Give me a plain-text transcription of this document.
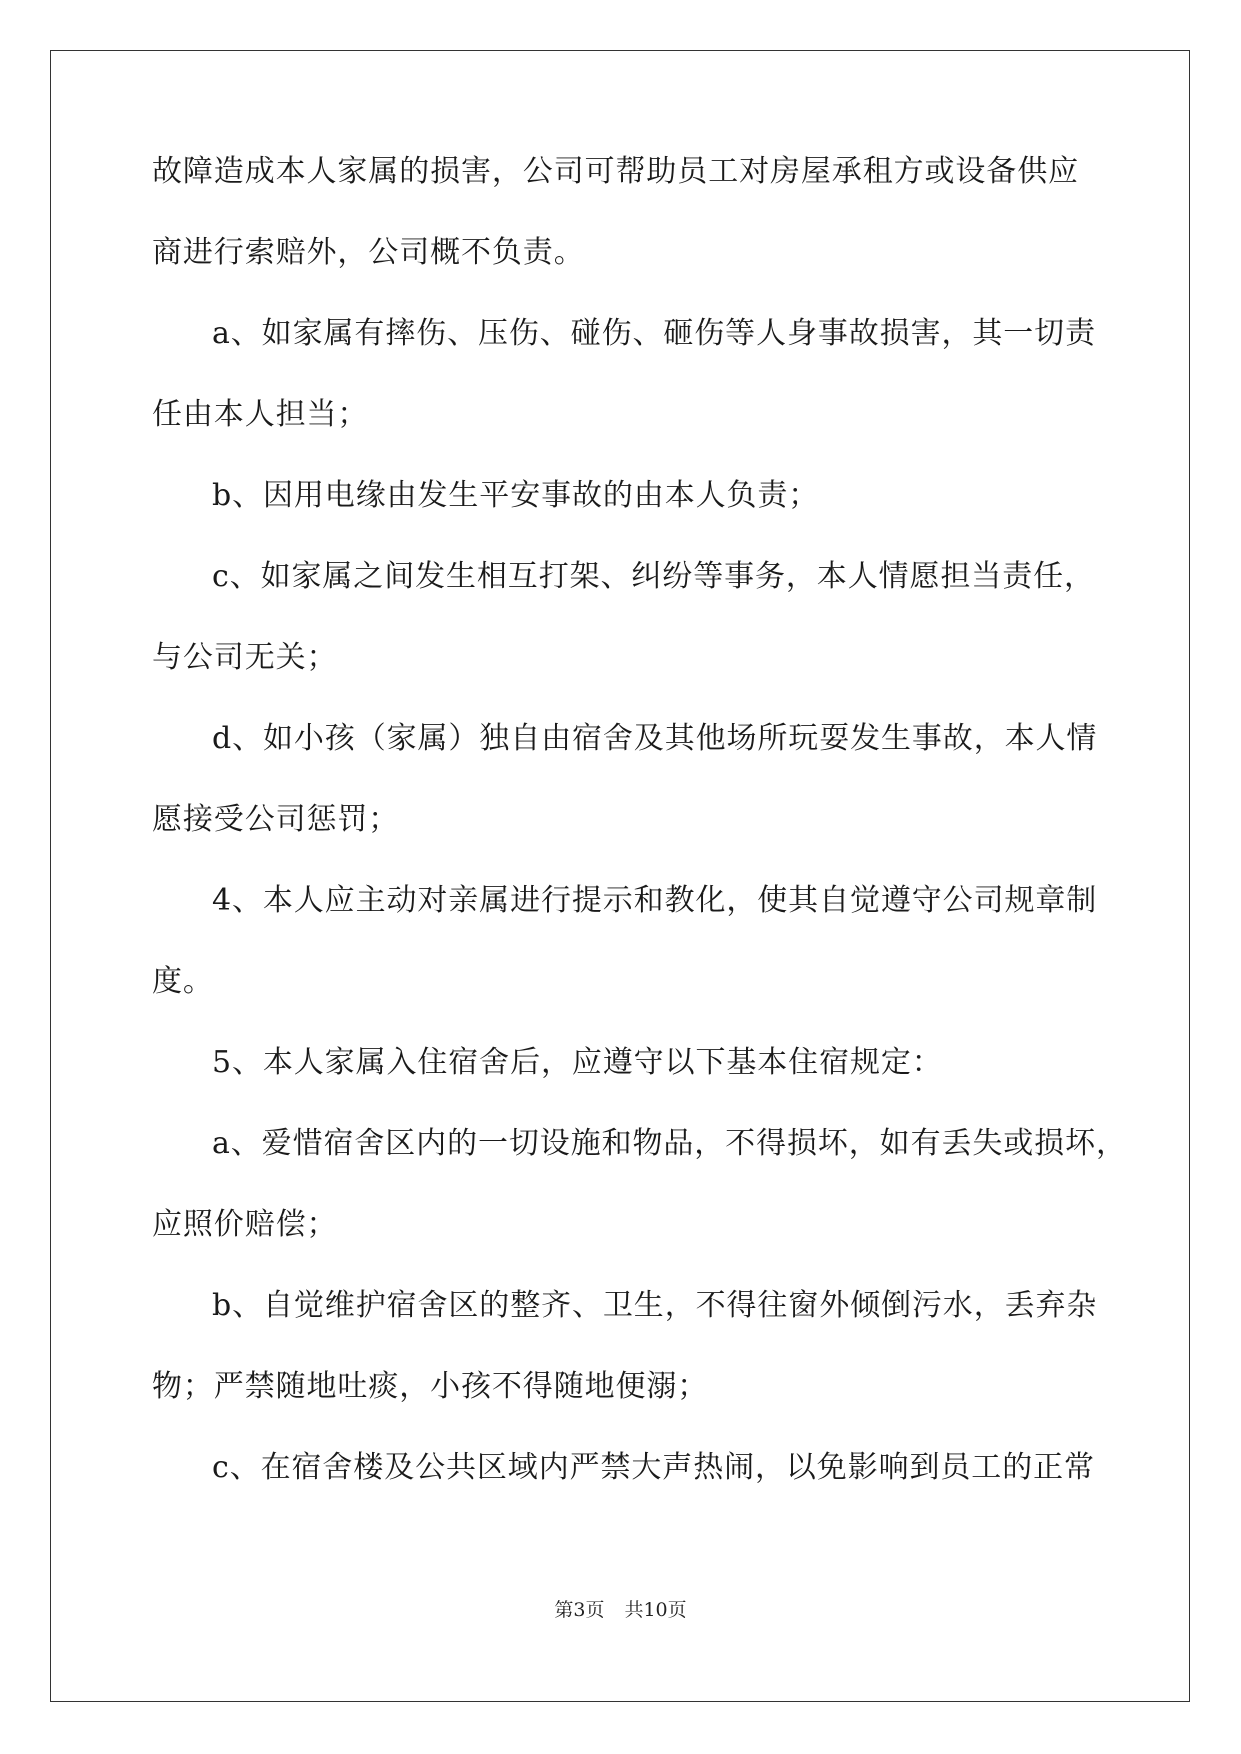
故障造成本人家属的损害，公司可帮助员工对房屋承租方或设备供应
商进行索赔外，公司概不负责。
a、如家属有摔伤、压伤、碰伤、砸伤等人身事故损害，其一切责
任由本人担当；
b、因用电缘由发生平安事故的由本人负责；
c、如家属之间发生相互打架、纠纷等事务，本人情愿担当责任，
与公司无关；
d、如小孩（家属）独自由宿舍及其他场所玩耍发生事故，本人情
愿接受公司惩罚；
4、本人应主动对亲属进行提示和教化，使其自觉遵守公司规章制
度。
5、本人家属入住宿舍后，应遵守以下基本住宿规定：
a、爱惜宿舍区内的一切设施和物品，不得损坏，如有丢失或损坏，
应照价赔偿；
b、自觉维护宿舍区的整齐、卫生，不得往窗外倾倒污水，丢弃杂
物；严禁随地吐痰，小孩不得随地便溺；
c、在宿舍楼及公共区域内严禁大声热闹，以免影响到员工的正常
第3页 共10页
